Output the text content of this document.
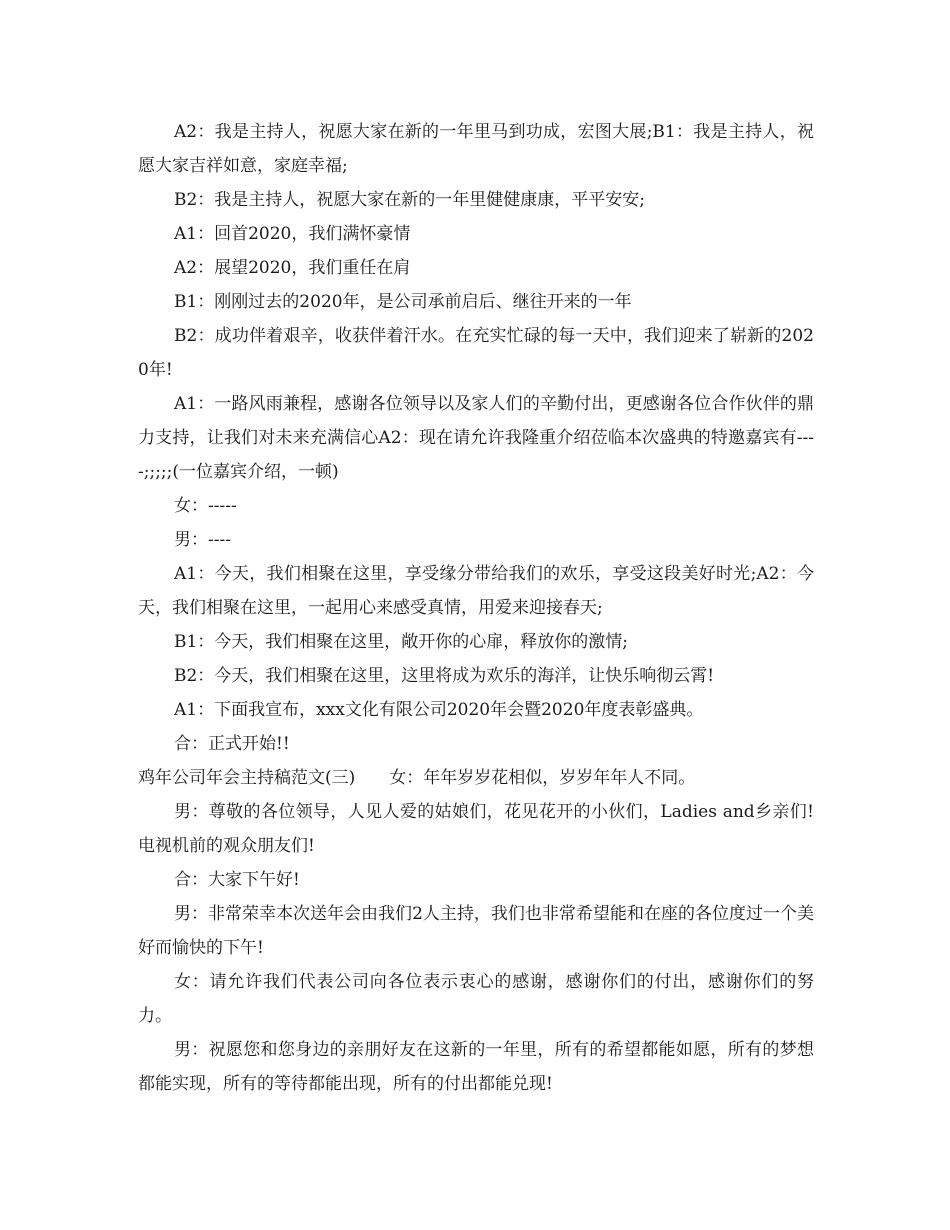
A2：我是主持人，祝愿大家在新的一年里马到功成，宏图大展;B1：我是主持人，祝愿大家吉祥如意，家庭幸福;

B2：我是主持人，祝愿大家在新的一年里健健康康，平平安安;

A1：回首2020，我们满怀豪情

A2：展望2020，我们重任在肩

B1：刚刚过去的2020年，是公司承前启后、继往开来的一年

B2：成功伴着艰辛，收获伴着汗水。在充实忙碌的每一天中，我们迎来了崭新的2020年!

A1：一路风雨兼程，感谢各位领导以及家人们的辛勤付出，更感谢各位合作伙伴的鼎力支持，让我们对未来充满信心A2：现在请允许我隆重介绍莅临本次盛典的特邀嘉宾有----;;;;;(一位嘉宾介绍，一顿)

女：-----

男：----

A1：今天，我们相聚在这里，享受缘分带给我们的欢乐，享受这段美好时光;A2：今天，我们相聚在这里，一起用心来感受真情，用爱来迎接春天;

B1：今天，我们相聚在这里，敞开你的心扉，释放你的激情;

B2：今天，我们相聚在这里，这里将成为欢乐的海洋，让快乐响彻云霄!

A1：下面我宣布，xxx文化有限公司2020年会暨2020年度表彰盛典。

合：正式开始!!

鸡年公司年会主持稿范文(三)　　女：年年岁岁花相似，岁岁年年人不同。

男：尊敬的各位领导，人见人爱的姑娘们，花见花开的小伙们，Ladies and乡亲们!电视机前的观众朋友们!

合：大家下午好!

男：非常荣幸本次送年会由我们2人主持，我们也非常希望能和在座的各位度过一个美好而愉快的下午!

女：请允许我们代表公司向各位表示衷心的感谢，感谢你们的付出，感谢你们的努力。

男：祝愿您和您身边的亲朋好友在这新的一年里，所有的希望都能如愿，所有的梦想都能实现，所有的等待都能出现，所有的付出都能兑现!
